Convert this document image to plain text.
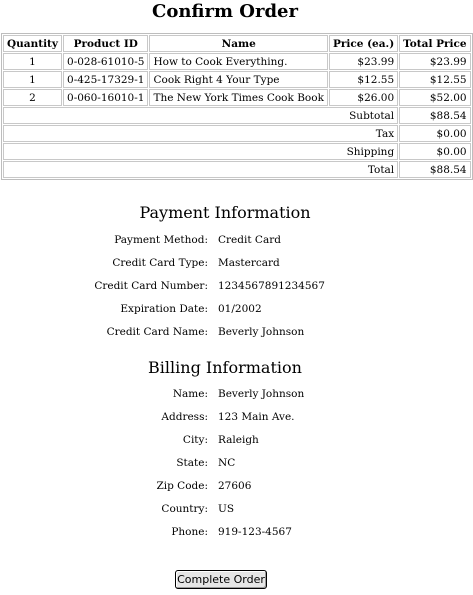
Confirm Order
Quantity	Product ID	Name	Price (ea.)	Total Price
1	0-028-61010-5	How to Cook Everything.	$23.99	$23.99
1	0-425-17329-1	Cook Right 4 Your Type	$12.55	$12.55
2	0-060-16010-1	The New York Times Cook Book	$26.00	$52.00
Subtotal				$88.54
Tax				$0.00
Shipping				$0.00
Total				$88.54
Payment Information
Payment Method:	Credit Card
Credit Card Type:	Mastercard
Credit Card Number:	1234567891234567
Expiration Date:	01/2002
Credit Card Name:	Beverly Johnson
Billing Information
Name:	Beverly Johnson
Address:	123 Main Ave.
City:	Raleigh
State:	NC
Zip Code:	27606
Country:	US
Phone:	919-123-4567
Complete Order
